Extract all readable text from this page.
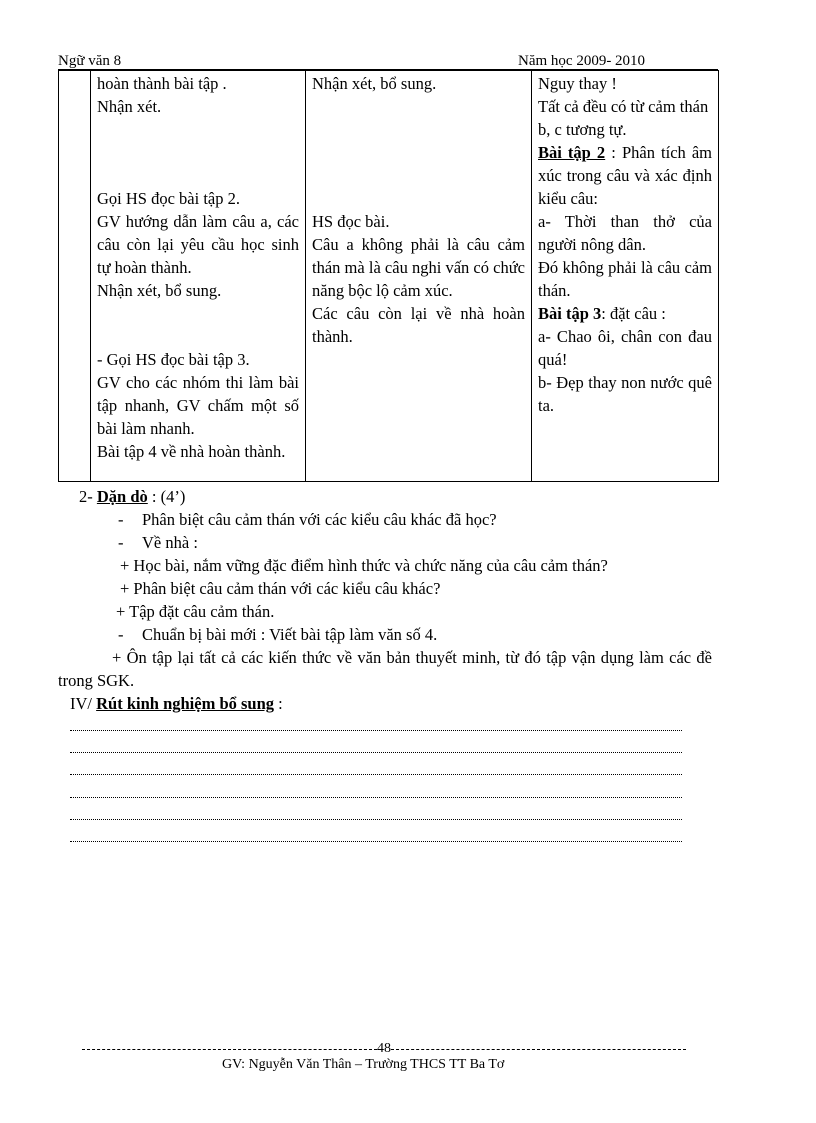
Ngữ văn 8	Năm học 2009- 2010

hoàn thành bài tập .
Nhận xét.
Gọi HS đọc bài tập 2.
GV hướng dẫn làm câu a, các câu còn lại yêu cầu học sinh tự hoàn thành.
Nhận xét, bổ sung.
- Gọi HS đọc bài tập 3.
GV cho các nhóm thi làm bài tập nhanh, GV chấm một số bài làm nhanh.
Bài tập 4 về nhà hoàn thành.

Nhận xét, bổ sung.
HS đọc bài.
Câu a không phải là câu cảm thán mà là câu nghi vấn có chức năng bộc lộ cảm xúc.
Các câu còn lại về nhà hoàn thành.

Nguy thay !
Tất cả đều có từ cảm thán
b, c tương tự.
Bài tập 2 : Phân tích âm xúc trong câu và xác định kiểu câu:
a- Thời than thở của người nông dân.
Đó không phải là câu cảm thán.
Bài tập 3: đặt câu :
a- Chao ôi, chân con đau quá!
b- Đẹp thay non nước quê ta.
2- Dặn dò : (4’)
- Phân biệt câu cảm thán với các kiểu câu khác đã học?
- Về nhà :
+ Học bài, nắm vững đặc điểm hình thức và chức năng của câu cảm thán?
+ Phân biệt câu cảm thán với các kiểu câu khác?
+ Tập đặt câu cảm thán.
- Chuẩn bị bài mới : Viết bài tập làm văn số 4.
+ Ôn tập lại tất cả các kiến thức về văn bản thuyết minh, từ đó tập vận dụng làm các đề trong SGK.
IV/ Rút kinh nghiệm bổ sung :
48
GV: Nguyễn Văn Thân – Trường THCS TT Ba Tơ
